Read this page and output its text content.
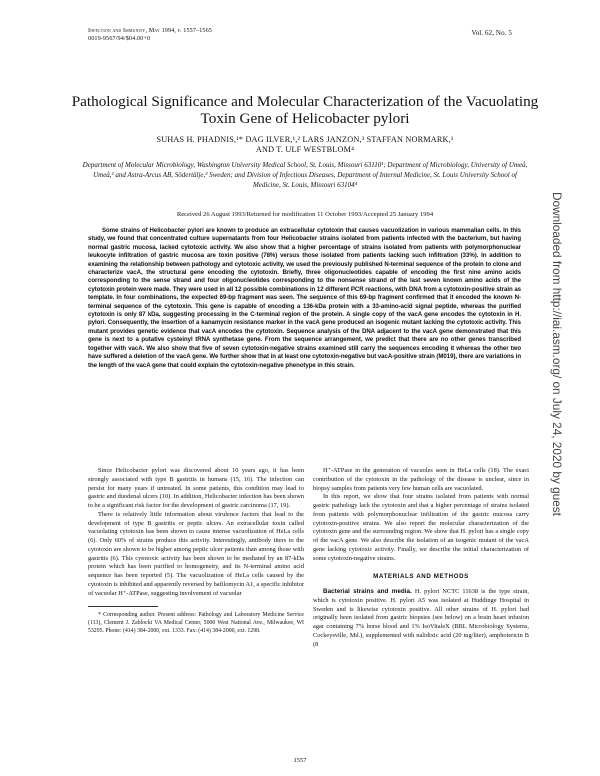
Infection and Immunity, May 1994, p. 1557–1565
0019-9567/94/$04.00+0
Vol. 62, No. 5
Pathological Significance and Molecular Characterization of the Vacuolating Toxin Gene of Helicobacter pylori
SUHAS H. PHADNIS,¹* DAG ILVER,¹,² LARS JANZON,³ STAFFAN NORMARK,¹
AND T. ULF WESTBLOM⁴
Department of Molecular Microbiology, Washington University Medical School, St. Louis, Missouri 63110¹; Department of Microbiology, University of Umeå, Umeå,² and Astra-Arcus AB, Södertälje,³ Sweden; and Division of Infectious Diseases, Department of Internal Medicine, St. Louis University School of Medicine, St. Louis, Missouri 63104⁴
Received 26 August 1993/Returned for modification 11 October 1993/Accepted 25 January 1994
Some strains of Helicobacter pylori are known to produce an extracellular cytotoxin that causes vacuolization in various mammalian cells. In this study, we found that concentrated culture supernatants from four Helicobacter strains isolated from patients infected with the bacterium, but having normal gastric mucosa, lacked cytotoxic activity. We also show that a higher percentage of strains isolated from patients with polymorphonuclear leukocyte infiltration of gastric mucosa are toxin positive (78%) versus those isolated from patients lacking such infiltration (33%). In addition to examining the relationship between pathology and cytotoxic activity, we used the previously published N-terminal sequence of the protein to clone and characterize vacA, the structural gene encoding the cytotoxin. Briefly, three oligonucleotides capable of encoding the first nine amino acids corresponding to the sense strand and four oligonucleotides corresponding to the nonsense strand of the last seven known amino acids of the cytotoxin protein were made. They were used in all 12 possible combinations in 12 different PCR reactions, with DNA from a cytotoxin-positive strain as template. In four combinations, the expected 69-bp fragment was seen. The sequence of this 69-bp fragment confirmed that it encoded the known N-terminal sequence of the cytotoxin. This gene is capable of encoding a 136-kDa protein with a 33-amino-acid signal peptide, whereas the purified cytotoxin is only 87 kDa, suggesting processing in the C-terminal region of the protein. A single copy of the vacA gene encodes the cytotoxin in H. pylori. Consequently, the insertion of a kanamycin resistance marker in the vacA gene produced an isogenic mutant lacking the cytotoxic activity. This mutant provides genetic evidence that vacA encodes the cytotoxin. Sequence analysis of the DNA adjacent to the vacA gene demonstrated that this gene is next to a putative cysteinyl tRNA synthetase gene. From the sequence arrangement, we predict that there are no other genes transcribed together with vacA. We also show that five of seven cytotoxin-negative strains examined still carry the sequences encoding it whereas the other two have suffered a deletion of the vacA gene. We further show that in at least one cytotoxin-negative but vacA-positive strain (M019), there are variations in the length of the vacA gene that could explain the cytotoxin-negative phenotype in this strain.

Since Helicobacter pylori was discovered about 10 years ago, it has been strongly associated with type B gastritis in humans (15, 16). The infection can persist for many years if untreated. In some patients, this condition may lead to gastric and duodenal ulcers (10). In addition, Helicobacter infection has been shown to be a significant risk factor for the development of gastric carcinoma (17, 19).

There is relatively little information about virulence factors that lead to the development of type B gastritis or peptic ulcers. An extracellular toxin called vacuolating cytotoxin has been shown to cause intense vacuolization of HeLa cells (6). Only 60% of strains produce this activity. Interestingly, antibody titers to the cytotoxin are shown to be higher among peptic ulcer patients than among those with gastritis (6). This cytotoxic activity has been shown to be mediated by an 87-kDa protein which has been purified to homogeneity, and its N-terminal amino acid sequence has been reported (5). The vacuolization of HeLa cells caused by the cytotoxin is inhibited and apparently reversed by bafilomycin A1, a specific inhibitor of vacuolar H⁺-ATPase, suggesting involvement of vacuolar

* Corresponding author. Present address: Pathology and Laboratory Medicine Service (113), Clement J. Zablocki VA Medical Center, 5000 West National Ave., Milwaukee, WI 53295. Phone: (414) 384-2000, ext. 1333. Fax: (414) 384-2000, ext. 1298.

H⁺-ATPase in the generation of vacuoles seen in HeLa cells (18). The exact contribution of the cytotoxin in the pathology of the disease is unclear, since in biopsy samples from patients very few human cells are vacuolated.

In this report, we show that four strains isolated from patients with normal gastric pathology lack the cytotoxin and that a higher percentage of strains isolated from patients with polymorphonuclear infiltration of the gastric mucosa carry cytotoxin-positive strains. We also report the molecular characterization of the cytotoxin gene and the surrounding region. We show that H. pylori has a single copy of the vacA gene. We also describe the isolation of an isogenic mutant of the vacA gene lacking cytotoxic activity. Finally, we describe the initial characterization of some cytotoxin-negative strains.

MATERIALS AND METHODS

Bacterial strains and media. H. pylori NCTC 11638 is the type strain, which is cytotoxin positive. H. pylori A5 was isolated at Huddinge Hospital in Sweden and is likewise cytotoxin positive. All other strains of H. pylori had originally been isolated from gastric biopsies (see below) on a brain heart infusion agar containing 7% horse blood and 1% IsoVitaleX (BBL Microbiology Systems, Cockeysville, Md.), supplemented with nalidixic acid (20 mg/liter), amphotericin B (8

1557
Downloaded from http://iai.asm.org/ on July 24, 2020 by guest
